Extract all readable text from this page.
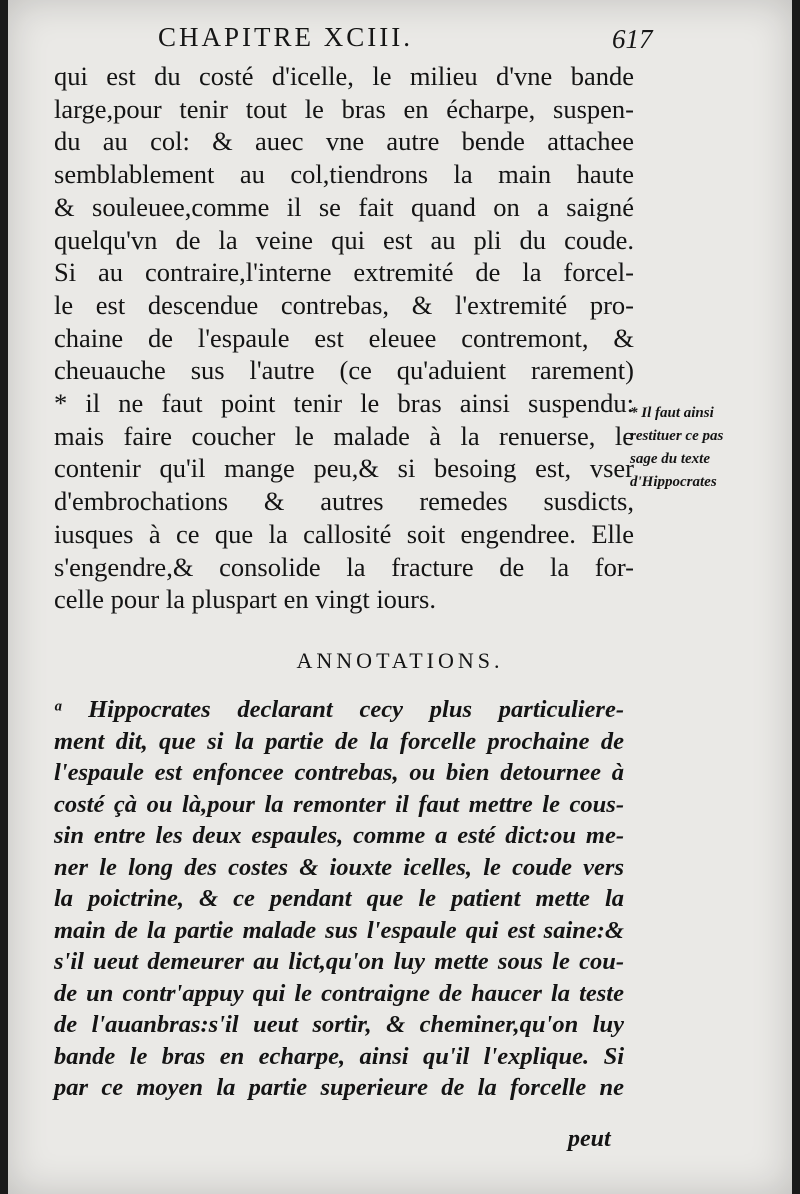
CHAPITRE XCIII.	617
qui est du costé d'icelle, le milieu d'vne bande
large,pour tenir tout le bras en écharpe, suspen-
du au col: & auec vne autre bende attachee
semblablement au col,tiendrons la main haute
& souleuee,comme il se fait quand on a saigné
quelqu'vn de la veine qui est au pli du coude.
Si au contraire,l'interne extremité de la forcel-
le est descendue contrebas, & l'extremité pro-
chaine de l'espaule est eleuee contremont, &
cheuauche sus l'autre (ce qu'aduient rarement)
* il ne faut point tenir le bras ainsi suspendu:
mais faire coucher le malade à la renuerse, le
contenir qu'il mange peu,& si besoing est, vser
d'embrochations & autres remedes susdicts,
iusques à ce que la callosité soit engendree. Elle
s'engendre,& consolide la fracture de la for-
celle pour la pluspart en vingt iours.
* Il faut ainsi
restituer ce pas
sage du texte
d'Hippocrates
ANNOTATIONS.
ᵃ Hippocrates declarant cecy plus particuliere-
ment dit, que si la partie de la forcelle prochaine de
l'espaule est enfoncee contrebas, ou bien detournee à
costé çà ou là,pour la remonter il faut mettre le cous-
sin entre les deux espaules, comme a esté dict:ou me-
ner le long des costes & iouxte icelles, le coude vers
la poictrine, & ce pendant que le patient mette la
main de la partie malade sus l'espaule qui est saine:&
s'il ueut demeurer au lict,qu'on luy mette sous le cou-
de un contr'appuy qui le contraigne de haucer la teste
de l'auanbras:s'il ueut sortir, & cheminer,qu'on luy
bande le bras en echarpe, ainsi qu'il l'explique. Si
par ce moyen la partie superieure de la forcelle ne
peut
